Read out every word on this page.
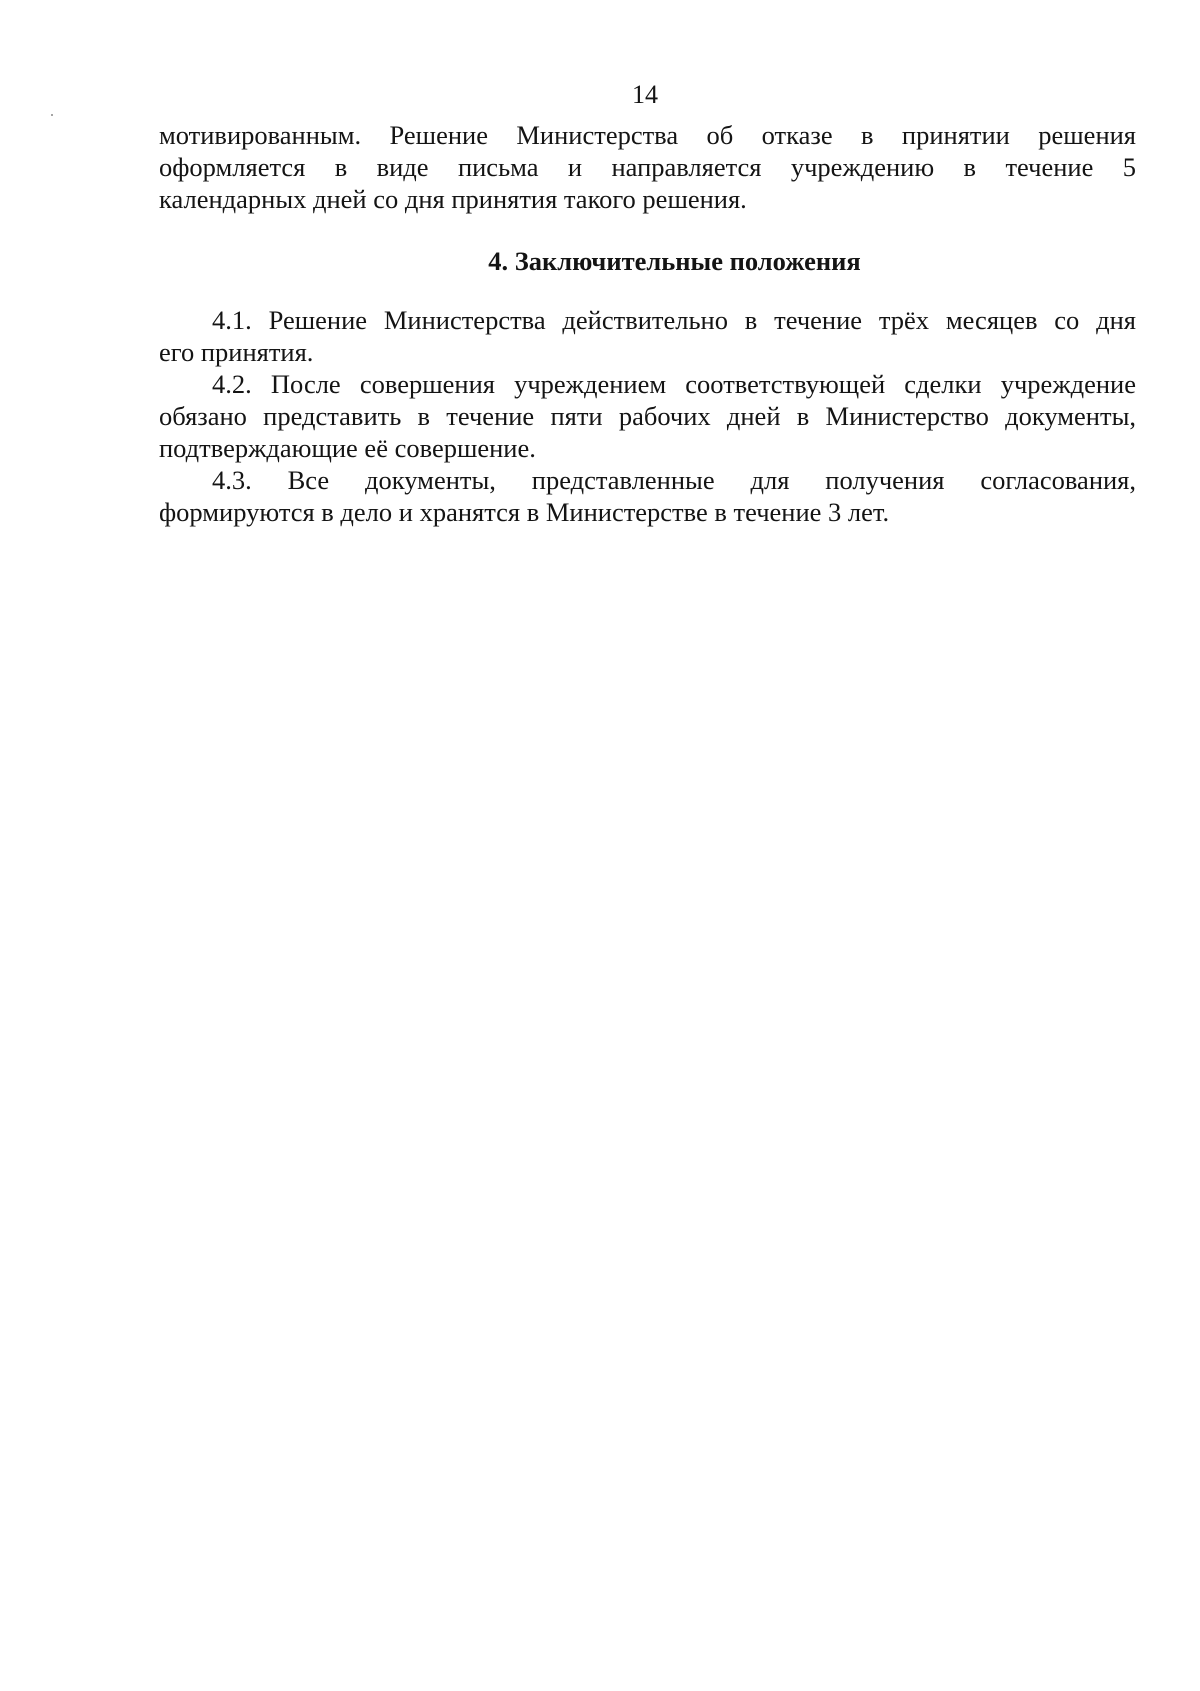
14
мотивированным. Решение Министерства об отказе в принятии решения
оформляется в виде письма и направляется учреждению в течение 5
календарных дней со дня принятия такого решения.
4. Заключительные положения
4.1. Решение Министерства действительно в течение трёх месяцев со дня
его принятия.
4.2. После совершения учреждением соответствующей сделки учреждение
обязано представить в течение пяти рабочих дней в Министерство документы,
подтверждающие её совершение.
4.3. Все документы, представленные для получения согласования,
формируются в дело и хранятся в Министерстве в течение 3 лет.
